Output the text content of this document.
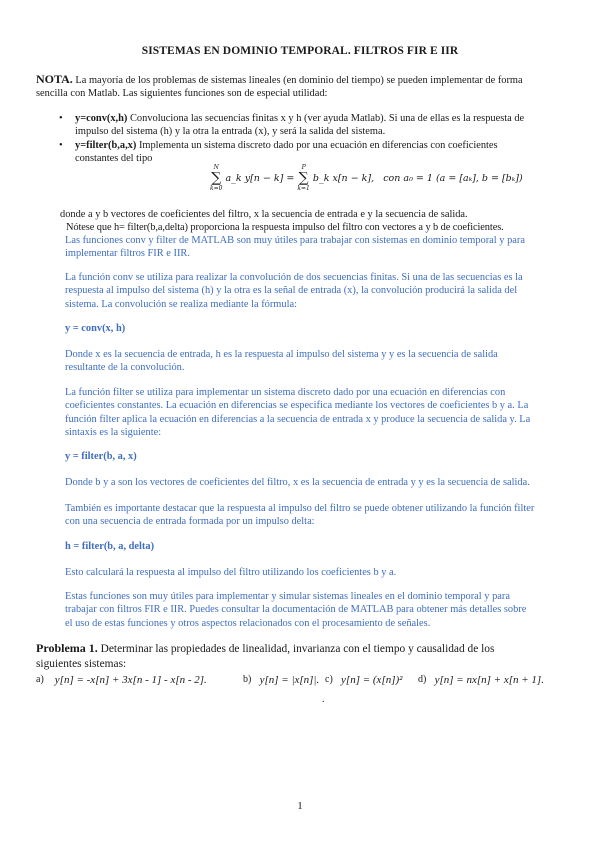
SISTEMAS EN DOMINIO TEMPORAL. FILTROS FIR E IIR
NOTA. La mayoría de los problemas de sistemas lineales (en dominio del tiempo) se pueden implementar de forma
sencilla con Matlab. Las siguientes funciones son de especial utilidad:
• y=conv(x,h) Convoluciona las secuencias finitas x y h (ver ayuda Matlab). Si una de ellas es la respuesta de
impulso del sistema (h) y la otra la entrada (x), y será la salida del sistema.
• y=filter(b,a,x) Implementa un sistema discreto dado por una ecuación en diferencias con coeficientes
constantes del tipo
N
∑
k=0
a_k y[n − k] =
P
∑
k=1
b_k x[n − k], con a₀ = 1 (a = [aₖ], b = [bₖ])
donde a y b vectores de coeficientes del filtro, x la secuencia de entrada e y la secuencia de salida.
Nótese que h= filter(b,a,delta) proporciona la respuesta impulso del filtro con vectores a y b de coeficientes.
Las funciones conv y filter de MATLAB son muy útiles para trabajar con sistemas en dominio temporal y para
implementar filtros FIR e IIR.
La función conv se utiliza para realizar la convolución de dos secuencias finitas. Si una de las secuencias es la
respuesta al impulso del sistema (h) y la otra es la señal de entrada (x), la convolución producirá la salida del
sistema. La convolución se realiza mediante la fórmula:
y = conv(x, h)
Donde x es la secuencia de entrada, h es la respuesta al impulso del sistema y y es la secuencia de salida
resultante de la convolución.
La función filter se utiliza para implementar un sistema discreto dado por una ecuación en diferencias con
coeficientes constantes. La ecuación en diferencias se especifica mediante los vectores de coeficientes b y a. La
función filter aplica la ecuación en diferencias a la secuencia de entrada x y produce la secuencia de salida y. La
sintaxis es la siguiente:
y = filter(b, a, x)
Donde b y a son los vectores de coeficientes del filtro, x es la secuencia de entrada y y es la secuencia de salida.
También es importante destacar que la respuesta al impulso del filtro se puede obtener utilizando la función filter
con una secuencia de entrada formada por un impulso delta:
h = filter(b, a, delta)
Esto calculará la respuesta al impulso del filtro utilizando los coeficientes b y a.
Estas funciones son muy útiles para implementar y simular sistemas lineales en el dominio temporal y para
trabajar con filtros FIR e IIR. Puedes consultar la documentación de MATLAB para obtener más detalles sobre
el uso de estas funciones y otros aspectos relacionados con el procesamiento de señales.
Problema 1. Determinar las propiedades de linealidad, invarianza con el tiempo y causalidad de los
siguientes sistemas:
a) y[n] = -x[n] + 3x[n - 1] - x[n - 2].	b) y[n] = |x[n]|. c) y[n] = (x[n])² d) y[n] = nx[n] + x[n + 1].
.
1
